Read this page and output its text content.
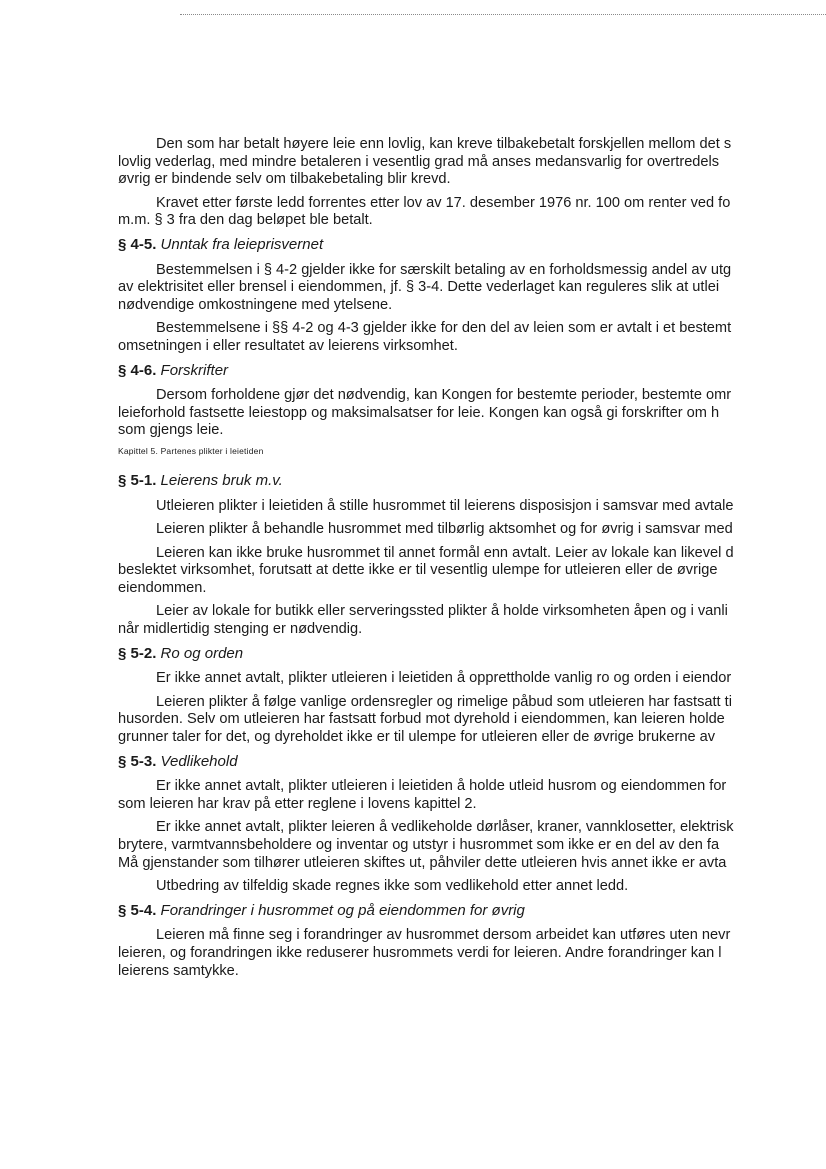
Den som har betalt høyere leie enn lovlig, kan kreve tilbakebetalt forskjellen mellom det s
lovlig vederlag, med mindre betaleren i vesentlig grad må anses medansvarlig for overtredels
øvrig er bindende selv om tilbakebetaling blir krevd.
Kravet etter første ledd forrentes etter lov av 17. desember 1976 nr. 100 om renter ved fo
m.m. § 3 fra den dag beløpet ble betalt.
§ 4-5. Unntak fra leieprisvernet
Bestemmelsen i § 4-2 gjelder ikke for særskilt betaling av en forholdsmessig andel av utg
av elektrisitet eller brensel i eiendommen, jf. § 3-4. Dette vederlaget kan reguleres slik at utlei
nødvendige omkostningene med ytelsene.
Bestemmelsene i §§ 4-2 og 4-3 gjelder ikke for den del av leien som er avtalt i et bestemt
omsetningen i eller resultatet av leierens virksomhet.
§ 4-6. Forskrifter
Dersom forholdene gjør det nødvendig, kan Kongen for bestemte perioder, bestemte omr
leieforhold fastsette leiestopp og maksimalsatser for leie. Kongen kan også gi forskrifter om h
som gjengs leie.
Kapittel 5. Partenes plikter i leietiden
§ 5-1. Leierens bruk m.v.
Utleieren plikter i leietiden å stille husrommet til leierens disposisjon i samsvar med avtale
Leieren plikter å behandle husrommet med tilbørlig aktsomhet og for øvrig i samsvar med
Leieren kan ikke bruke husrommet til annet formål enn avtalt. Leier av lokale kan likevel d
beslektet virksomhet, forutsatt at dette ikke er til vesentlig ulempe for utleieren eller de øvrige
eiendommen.
Leier av lokale for butikk eller serveringssted plikter å holde virksomheten åpen og i vanli
når midlertidig stenging er nødvendig.
§ 5-2. Ro og orden
Er ikke annet avtalt, plikter utleieren i leietiden å opprettholde vanlig ro og orden i eiendor
Leieren plikter å følge vanlige ordensregler og rimelige påbud som utleieren har fastsatt ti
husorden. Selv om utleieren har fastsatt forbud mot dyrehold i eiendommen, kan leieren holde
grunner taler for det, og dyreholdet ikke er til ulempe for utleieren eller de øvrige brukerne av
§ 5-3. Vedlikehold
Er ikke annet avtalt, plikter utleieren i leietiden å holde utleid husrom og eiendommen for
som leieren har krav på etter reglene i lovens kapittel 2.
Er ikke annet avtalt, plikter leieren å vedlikeholde dørlåser, kraner, vannklosetter, elektrisk
brytere, varmtvannsbeholdere og inventar og utstyr i husrommet som ikke er en del av den fa
Må gjenstander som tilhører utleieren skiftes ut, påhviler dette utleieren hvis annet ikke er avta
Utbedring av tilfeldig skade regnes ikke som vedlikehold etter annet ledd.
§ 5-4. Forandringer i husrommet og på eiendommen for øvrig
Leieren må finne seg i forandringer av husrommet dersom arbeidet kan utføres uten nevr
leieren, og forandringen ikke reduserer husrommets verdi for leieren. Andre forandringer kan l
leierens samtykke.
